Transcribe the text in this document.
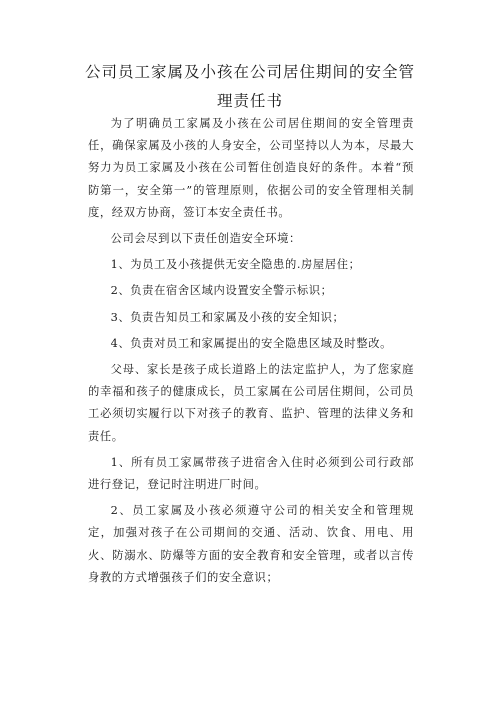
公司员工家属及小孩在公司居住期间的安全管
理责任书

为了明确员工家属及小孩在公司居住期间的安全管理责任，确保家属及小孩的人身安全，公司坚持以人为本，尽最大努力为员工家属及小孩在公司暂住创造良好的条件。本着“预防第一，安全第一”的管理原则，依据公司的安全管理相关制度，经双方协商，签订本安全责任书。

公司会尽到以下责任创造安全环境：

1、为员工及小孩提供无安全隐患的.房屋居住；

2、负责在宿舍区域内设置安全警示标识；

3、负责告知员工和家属及小孩的安全知识；

4、负责对员工和家属提出的安全隐患区域及时整改。

父母、家长是孩子成长道路上的法定监护人，为了您家庭的幸福和孩子的健康成长，员工家属在公司居住期间，公司员工必须切实履行以下对孩子的教育、监护、管理的法律义务和责任。

1、所有员工家属带孩子进宿舍入住时必须到公司行政部进行登记，登记时注明进厂时间。

2、员工家属及小孩必须遵守公司的相关安全和管理规定，加强对孩子在公司期间的交通、活动、饮食、用电、用火、防溺水、防爆等方面的安全教育和安全管理，或者以言传身教的方式增强孩子们的安全意识；
